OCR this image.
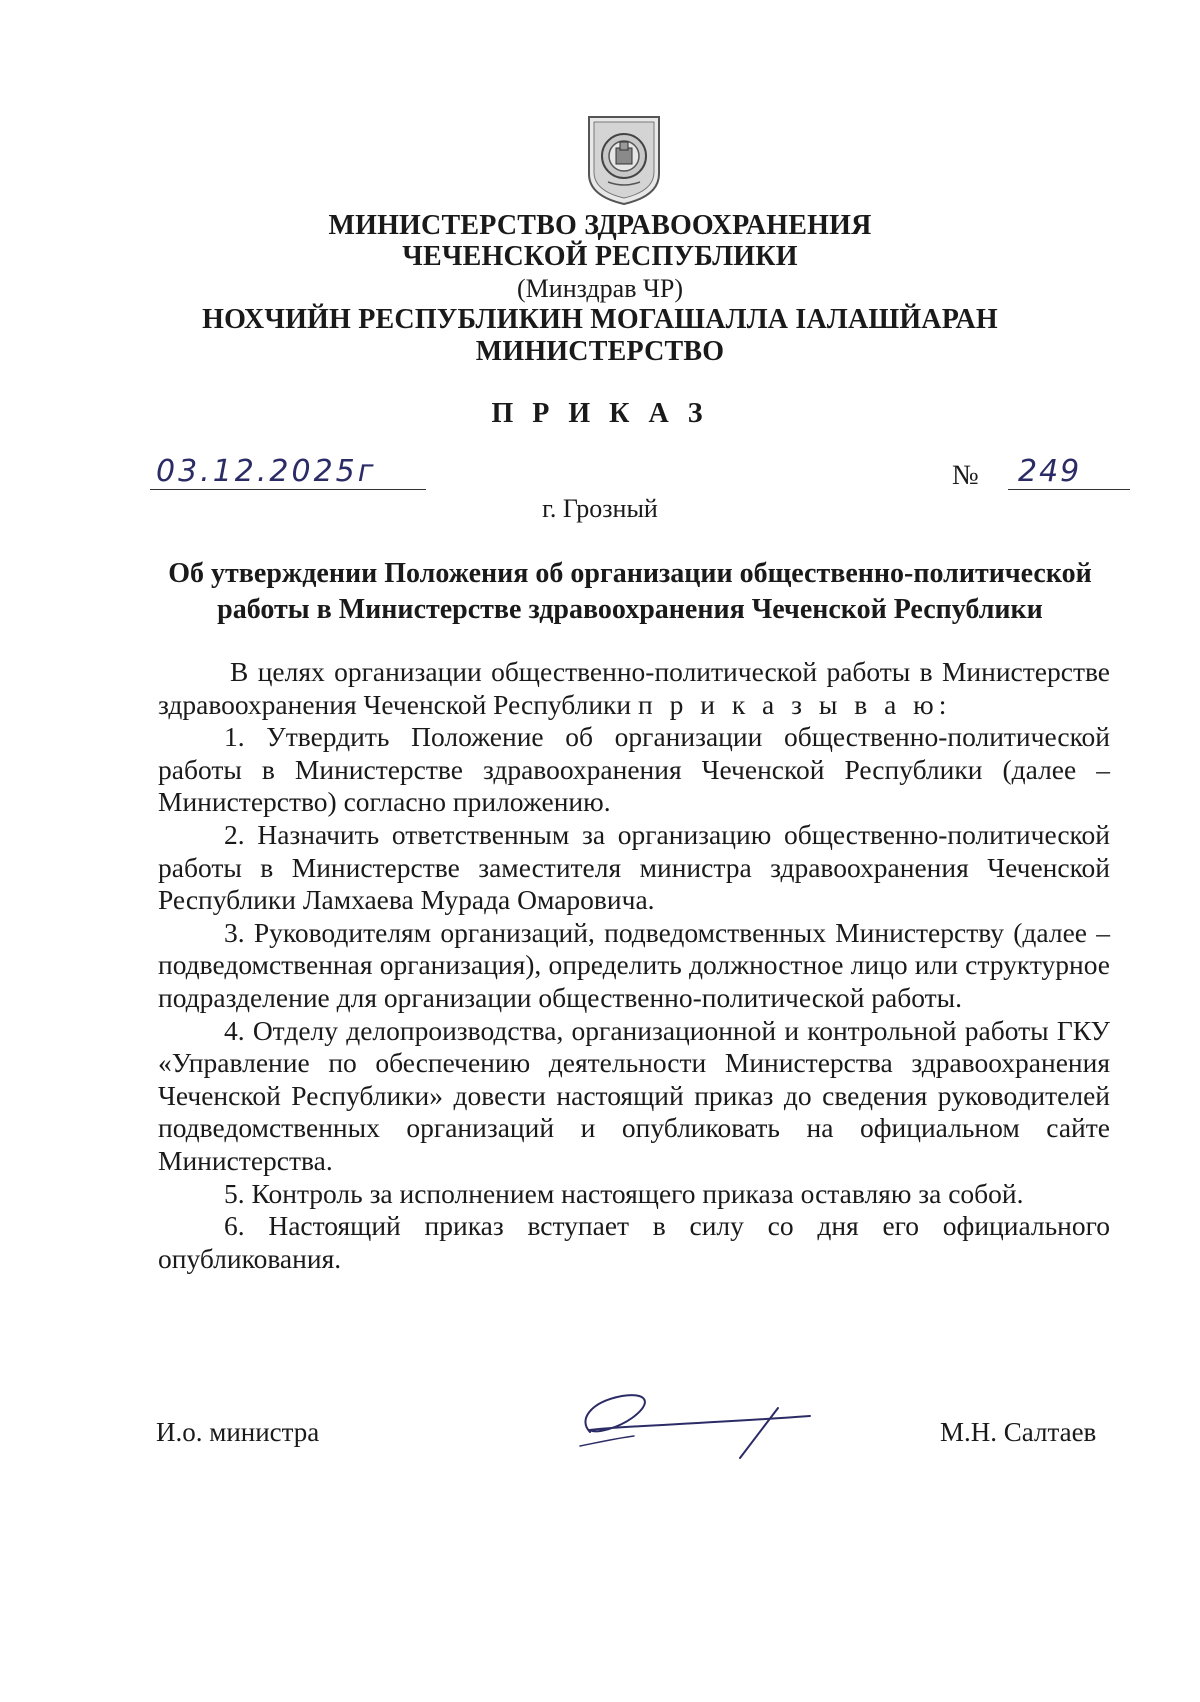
МИНИСТЕРСТВО ЗДРАВООХРАНЕНИЯ

ЧЕЧЕНСКОЙ РЕСПУБЛИКИ

(Минздрав ЧР)

НОХЧИЙН РЕСПУБЛИКИН МОГАШАЛЛА IАЛАШЙАРАН

МИНИСТЕРСТВО

П Р И К А З

03.12.2025г	№	249
г. Грозный

Об утверждении Положения об организации общественно-политической работы в Министерстве здравоохранения Чеченской Республики

В целях организации общественно-политической работы в Министерстве здравоохранения Чеченской Республики п р и к а з ы в а ю:

1. Утвердить Положение об организации общественно-политической работы в Министерстве здравоохранения Чеченской Республики (далее – Министерство) согласно приложению.

2. Назначить ответственным за организацию общественно-политической работы в Министерстве заместителя министра здравоохранения Чеченской Республики Ламхаева Мурада Омаровича.

3. Руководителям организаций, подведомственных Министерству (далее – подведомственная организация), определить должностное лицо или структурное подразделение для организации общественно-политической работы.

4. Отделу делопроизводства, организационной и контрольной работы ГКУ «Управление по обеспечению деятельности Министерства здравоохранения Чеченской Республики» довести настоящий приказ до сведения руководителей подведомственных организаций и опубликовать на официальном сайте Министерства.

5. Контроль за исполнением настоящего приказа оставляю за собой.

6. Настоящий приказ вступает в силу со дня его официального опубликования.

И.о. министра	М.Н. Салтаев
